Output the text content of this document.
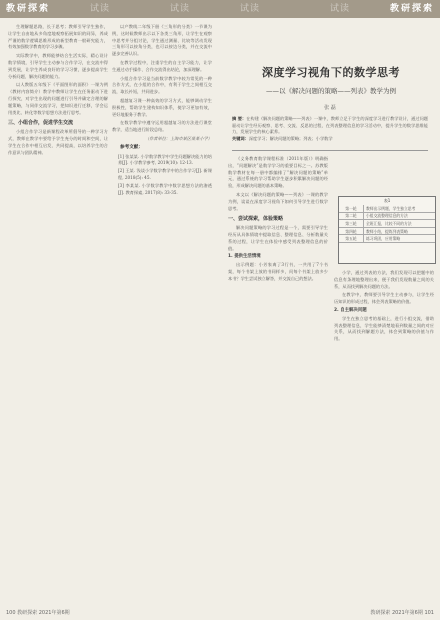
教研探索	试读	试读

生理解题思路，长于思考；教师引导学生独作，让学生自由地从多角度地观察拓展知识的同异，养成严谨的数学逻辑思维形成的新型教育一般研究能力，有效加强数学教育的学习步骤。

实际教学中，教师能够结合生活实际，精心设计数学情境，引导学生主动参与合作学习，在交流中得到发展，让学生养成良好的学习习惯，逐步提高学生分析问题、解决问题的能力。

以人教版五年级下《平面图形的面积》一课为例（教材内容简介）教学中教师让学生在任务驱动下进行探究，对学生出现的问题进行引导并确定合理的解题策略，与同伴交流学习，把知识进行迁移，学会运用类比、转化等数学思想方法进行思考。

三、小组合作，促进学生交流

小组合作学习是新课程改革所倡导的一种学习方式，教师在教学中要给予学生充分的时间和空间，让学生在合作中相互启发、共同提高，以培养学生的合作意识与团队精神。

以产教线二年级下册《三角形的分类》一节课为例，这时候教师出示以下各类三角形，让学生在观察中思考并分组讨论，学生通过测量、比较等活动发现三角形可以按角分类，也可以按边分类，并在交流中逐步完善认识。

在教学过程中，注重学生的自主学习能力，让学生通过动手操作、合作交流得出结论，加深理解。

小组合作学习是当前数学教学中较为常见的一种合作方式，在小组的合作中，有利于学生之间相互交流，取长补短，共同进步。

超越复习课一种高效的学习方式，能够调动学生积极性，帮助学生建构知识体系，使学习更加有效，更好地服务于教学。

在数学教学中遵守运用超越复习的方法进行课堂教学，适当地进行阶段总结。

（作者单位：上海市某区某某小学）

参考文献：

[1] 张某某. 小学数学教学中学生问题解决能力的培养[J]. 小学教学参考, 2019(10): 12-13.
[2] 王某. 浅谈小学数学教学中的合作学习[J]. 新课程, 2018(5): 45.
[3] 李某某. 小学数学教学中数学思想方法的渗透[J]. 教育探索, 2017(8): 33-35.
100 教研探索 2021年第6期
试读	试读	教研探索
深度学习视角下的数学思考
——以《解决问题的策略——列表》教学为例
张 磊
摘 要：在构建《解决问题的策略——列表》一课中，教师立足于学生的深度学习进行教学设计，通过问题驱动让学生经历观察、思考、交流、反思的过程，在列表整理信息的学习活动中，提升学生的数学思维能力，发展学生的核心素养。
关键词：深度学习；解决问题的策略；列表；小学数学

《义务教育数学课程标准（2011年版）》明确指出，“问题解决”是数学学习的重要目标之一。苏教版数学教材在每一册中都编排了“解决问题的策略”单元，通过系统的学习帮助学生逐步积累解决问题的经验，形成解决问题的基本策略。

本文以《解决问题的策略——列表》一课的教学为例，谈谈在深度学习视角下如何引导学生进行数学思考。

一、尝试探索，体验策略

解决问题策略的学习过程是一个，需要引导学生经历从具体情境中提取信息、整理信息、分析数量关系的过程，让学生在体验中感受列表整理信息的价值。

1. 提供生活情境

出示例题：小芳家离了3行书，一共用了7个书架，每个书架上放的书同样多，问每个书架上放多少本书？学生尝试独立解答，并交流自己的想法。

表1
第一轮	教师出示例题，学生独立思考
第二轮	小组交流整理信息的方法
第三轮	全班汇报，比较不同的方法
第四轮	教师小结，提炼列表策略
第五轮	练习巩固，应用策略

小学，通过列表的方法，我们发现可以把题中的信息有条理地整理出来，便于我们发现数量之间的关系，从而找到解决问题的方法。

在教学中，教师要引导学生主动参与，让学生经历知识的形成过程，体会列表策略的价值。

2. 自主解决问题

学生在独立思考的基础上，进行小组交流，借助列表整理信息，学生能够清楚地看到数量之间的对应关系，从而找到解题方法，体会到策略的价值与作用。

教研探索 2021年第6期 101
